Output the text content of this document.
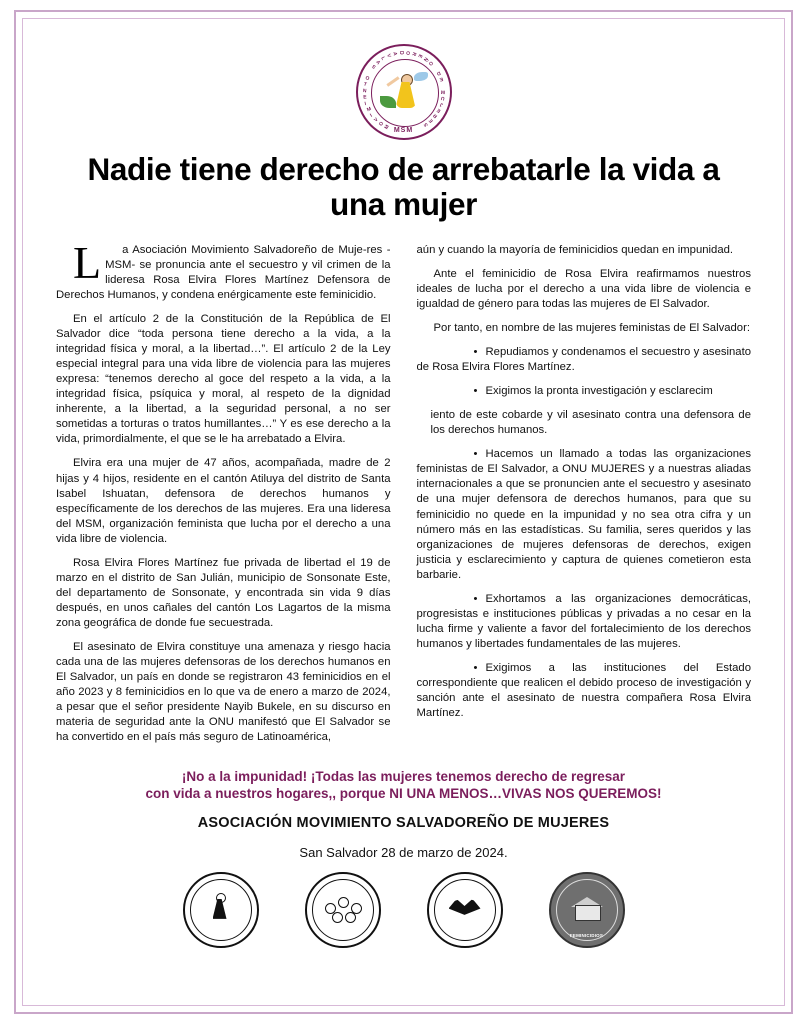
M
O
V
I
M
I
E
N
T
O

S
A
L
V A D O R E
Ñ
O

D
E

M
U
J
E
R
E
S
MSM
Nadie tiene derecho de arrebatarle la vida a una mujer

L	a Asociación Movimiento Salvadoreño de Muje-res -MSM- se pronuncia ante el secuestro y vil crimen de la lideresa Rosa Elvira Flores Martínez Defensora de Derechos Humanos, y condena enérgicamente este feminicidio.

En el artículo 2 de la Constitución de la República de El Salvador dice “toda persona tiene derecho a la vida, a la integridad física y moral, a la libertad…”. El artículo 2 de la Ley especial integral para una vida libre de violencia para las mujeres expresa: “tenemos derecho al goce del respeto a la vida, a la integridad física, psíquica y moral, al respeto de la dignidad inherente, a la libertad, a la seguridad personal, a no ser sometidas a torturas o tratos humillantes…” Y es ese derecho a la vida, primordialmente, el que se le ha arrebatado a Elvira.

Elvira era una mujer de 47 años, acompañada, madre de 2 hijas y 4 hijos, residente en el cantón Atiluya del distrito de Santa Isabel Ishuatan, defensora de derechos humanos y específicamente de los derechos de las mujeres. Era una lideresa del MSM, organización feminista que lucha por el derecho a una vida libre de violencia.

Rosa Elvira Flores Martínez fue privada de libertad el 19 de marzo en el distrito de San Julián, municipio de Sonsonate Este, del departamento de Sonsonate, y encontrada sin vida 9 días después, en unos cañales del cantón Los Lagartos de la misma zona geográfica de donde fue secuestrada.

El asesinato de Elvira constituye una amenaza y riesgo hacia cada una de las mujeres defensoras de los derechos humanos en El Salvador, un país en donde se registraron 43 feminicidios en el año 2023 y 8 feminicidios en lo que va de enero a marzo de 2024, a pesar que el señor presidente Nayib Bukele, en su discurso en materia de seguridad ante la ONU manifestó que El Salvador se ha convertido en el país más seguro de Latinoamérica,

aún y cuando la mayoría de feminicidios quedan en impunidad.

Ante el feminicidio de Rosa Elvira reafirmamos nuestros ideales de lucha por el derecho a una vida libre de violencia e igualdad de género para todas las mujeres de El Salvador.

Por tanto, en nombre de las mujeres feministas de El Salvador:

• Repudiamos y condenamos el secuestro y asesinato de Rosa Elvira Flores Martínez.

• Exigimos la pronta investigación y esclarecim

iento de este cobarde y vil asesinato contra una defensora de los derechos humanos.

• Hacemos un llamado a todas las organizaciones feministas de El Salvador, a ONU MUJERES y a nuestras aliadas internacionales a que se pronuncien ante el secuestro y asesinato de una mujer defensora de derechos humanos, para que su feminicidio no quede en la impunidad y no sea otra cifra y un número más en las estadísticas. Su familia, seres queridos y las organizaciones de mujeres defensoras de derechos, exigen justicia y esclarecimiento y captura de quienes cometieron esta barbarie.

• Exhortamos a las organizaciones democráticas, progresistas e instituciones públicas y privadas a no cesar en la lucha firme y valiente a favor del fortalecimiento de los derechos humanos y libertades fundamentales de las mujeres.

• Exigimos a las instituciones del Estado correspondiente que realicen el debido proceso de investigación y sanción ante el asesinato de nuestra compañera Rosa Elvira Martínez.

¡No a la impunidad! ¡Todas las mujeres tenemos derecho de regresar
con vida a nuestros hogares,, porque NI UNA MENOS…VIVAS NOS QUEREMOS!
ASOCIACIÓN MOVIMIENTO SALVADOREÑO DE MUJERES
San Salvador 28 de marzo de 2024.
FEMINICIDIOS
